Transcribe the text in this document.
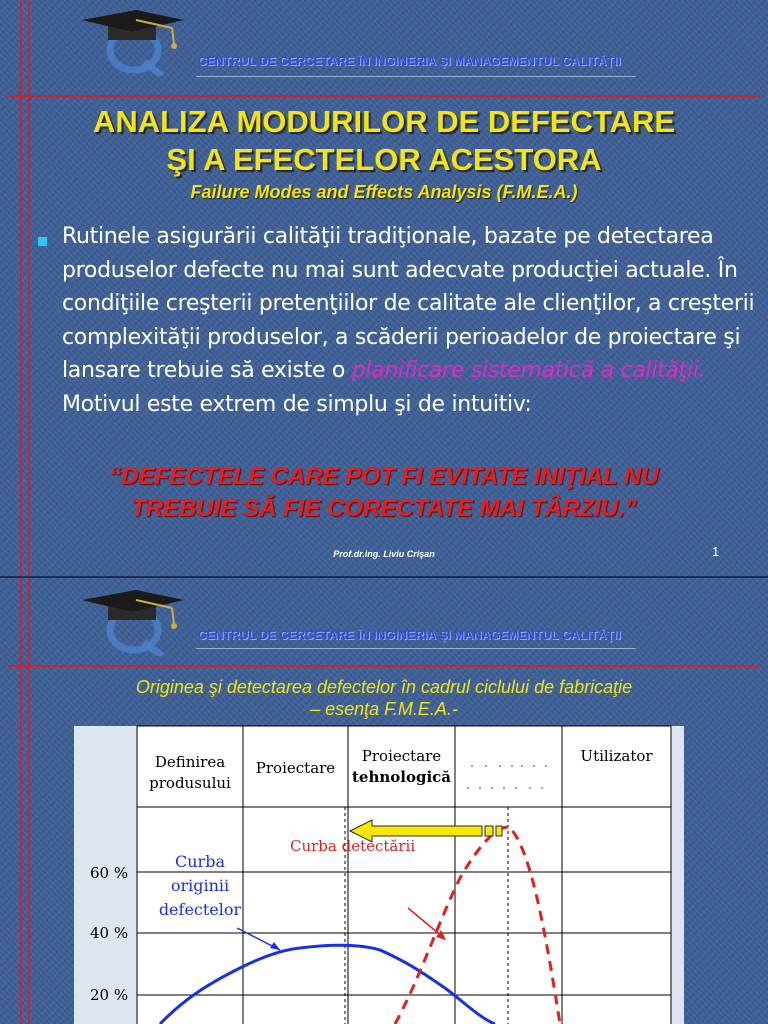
CENTRUL DE CERCETARE ÎN INGINERIA ŞI MANAGEMENTUL CALITĂŢII
ANALIZA MODURILOR DE DEFECTARE
ŞI A EFECTELOR ACESTORA
Failure Modes and Effects Analysis (F.M.E.A.)
Rutinele asigurării calităţii tradiţionale, bazate pe detectarea produselor defecte nu mai sunt adecvate producţiei actuale. În condiţiile creşterii pretenţiilor de calitate ale clienţilor, a creşterii complexităţii produselor, a scăderii perioadelor de proiectare şi lansare trebuie să existe o planificare sistematică a calităţii. Motivul este extrem de simplu şi de intuitiv:
“DEFECTELE CARE POT FI EVITATE INIŢIAL NU
TREBUIE SĂ FIE CORECTATE MAI TÂRZIU.”
Prof.dr.ing. Liviu Crişan	1
CENTRUL DE CERCETARE ÎN INGINERIA ŞI MANAGEMENTUL CALITĂŢII
Originea şi detectarea defectelor în cadrul ciclului de fabricaţie
– esenţa F.M.E.A.-
Definirea
produsului
Proiectare
Proiectare
tehnologică
Utilizator
60 %
40 %
20 %
Curba
originii
defectelor
Curba detectării
